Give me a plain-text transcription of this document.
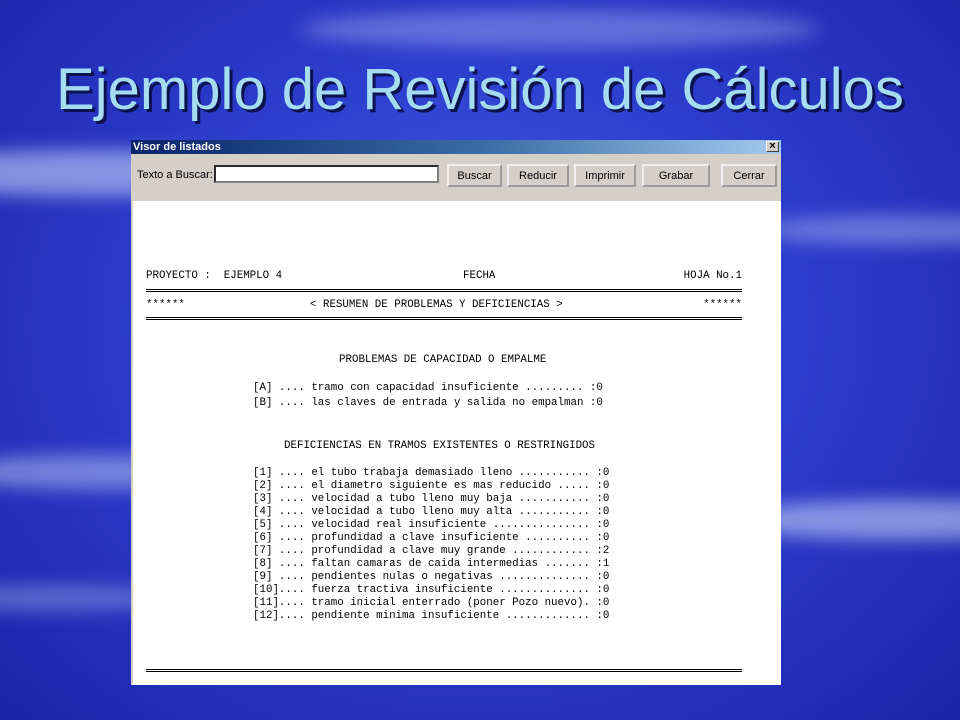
Ejemplo de Revisión de Cálculos
Visor de listados	×
Texto a Buscar:	Buscar	Reducir	Imprimir	Grabar	Cerrar
PROYECTO :  EJEMPLO 4	FECHA	HOJA No.1
******	< RESUMEN DE PROBLEMAS Y DEFICIENCIAS >	******
PROBLEMAS DE CAPACIDAD O EMPALME
[A] .... tramo con capacidad insuficiente ......... :0
[B] .... las claves de entrada y salida no empalman :0
DEFICIENCIAS EN TRAMOS EXISTENTES O RESTRINGIDOS
[1] .... el tubo trabaja demasiado lleno ........... :0
[2] .... el diametro siguiente es mas reducido ..... :0
[3] .... velocidad a tubo lleno muy baja ........... :0
[4] .... velocidad a tubo lleno muy alta ........... :0
[5] .... velocidad real insuficiente ............... :0
[6] .... profundidad a clave insuficiente .......... :0
[7] .... profundidad a clave muy grande ............ :2
[8] .... faltan camaras de caida intermedias ....... :1
[9] .... pendientes nulas o negativas .............. :0
[10].... fuerza tractiva insuficiente .............. :0
[11].... tramo inicial enterrado (poner Pozo nuevo). :0
[12].... pendiente minima insuficiente ............. :0
